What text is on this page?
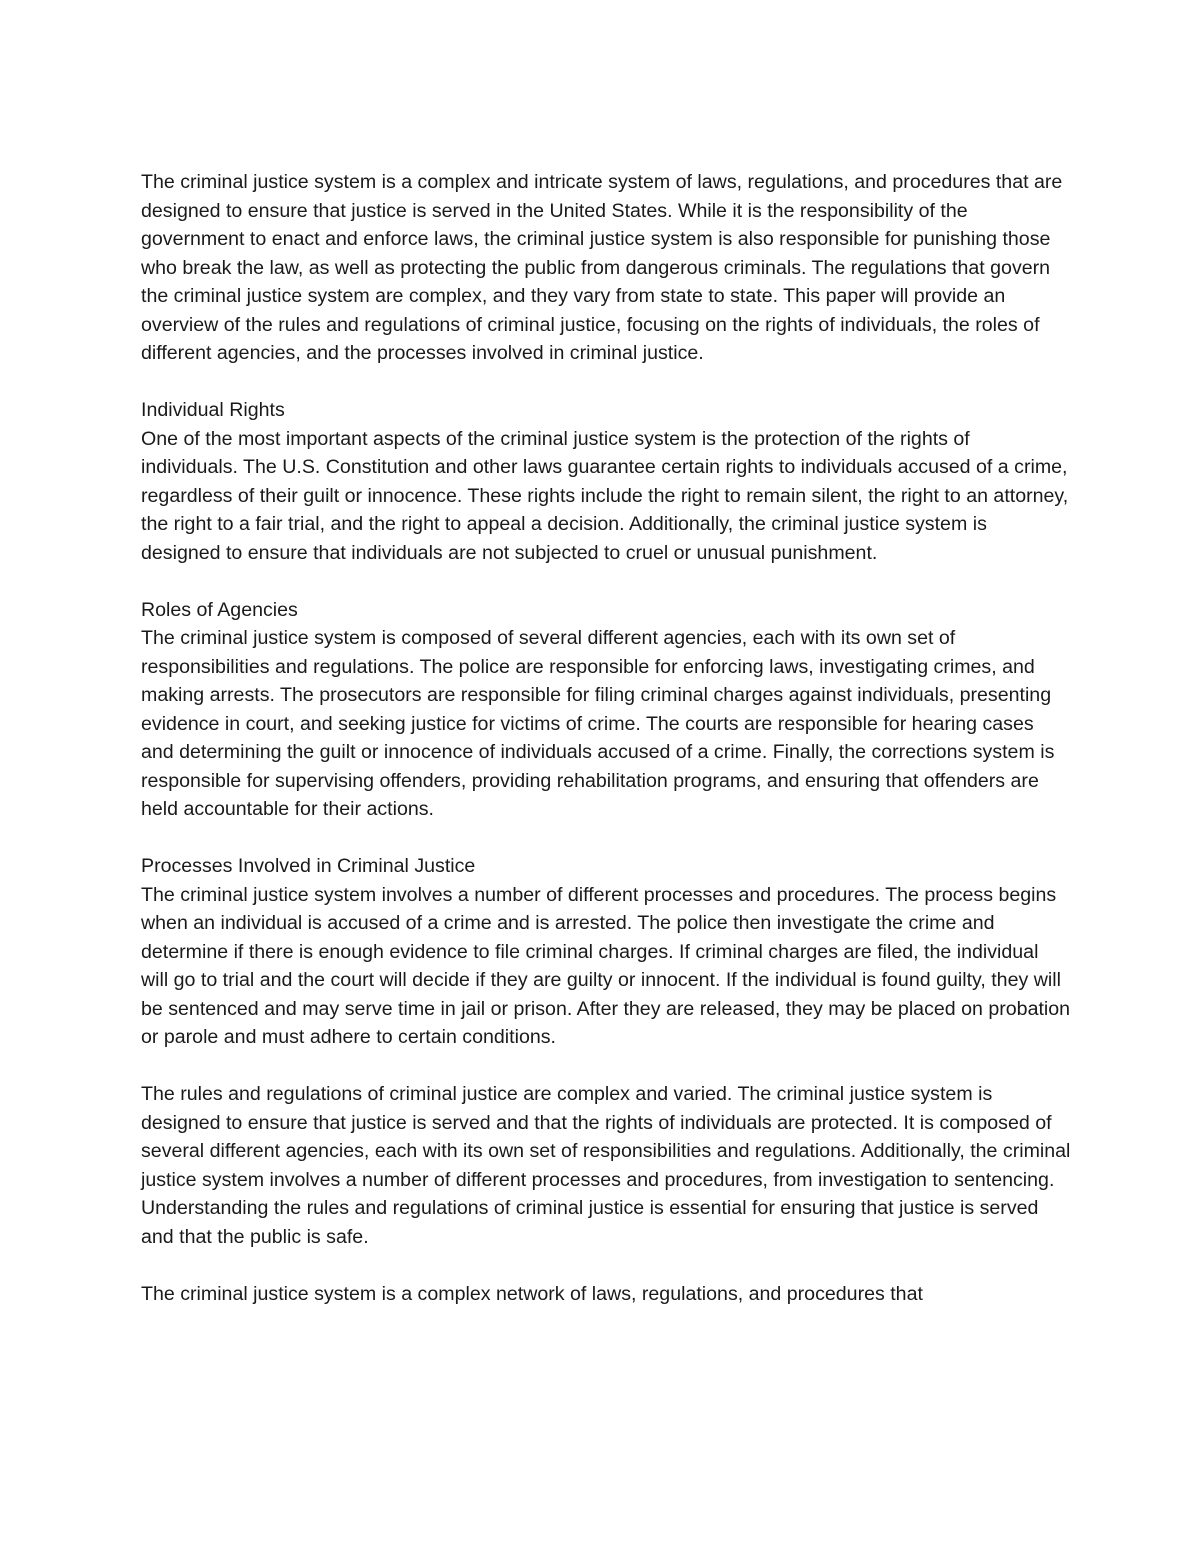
The criminal justice system is a complex and intricate system of laws, regulations, and procedures that are designed to ensure that justice is served in the United States. While it is the responsibility of the government to enact and enforce laws, the criminal justice system is also responsible for punishing those who break the law, as well as protecting the public from dangerous criminals. The regulations that govern the criminal justice system are complex, and they vary from state to state. This paper will provide an overview of the rules and regulations of criminal justice, focusing on the rights of individuals, the roles of different agencies, and the processes involved in criminal justice.

Individual Rights

One of the most important aspects of the criminal justice system is the protection of the rights of individuals. The U.S. Constitution and other laws guarantee certain rights to individuals accused of a crime, regardless of their guilt or innocence. These rights include the right to remain silent, the right to an attorney, the right to a fair trial, and the right to appeal a decision. Additionally, the criminal justice system is designed to ensure that individuals are not subjected to cruel or unusual punishment.

Roles of Agencies

The criminal justice system is composed of several different agencies, each with its own set of responsibilities and regulations. The police are responsible for enforcing laws, investigating crimes, and making arrests. The prosecutors are responsible for filing criminal charges against individuals, presenting evidence in court, and seeking justice for victims of crime. The courts are responsible for hearing cases and determining the guilt or innocence of individuals accused of a crime. Finally, the corrections system is responsible for supervising offenders, providing rehabilitation programs, and ensuring that offenders are held accountable for their actions.

Processes Involved in Criminal Justice

The criminal justice system involves a number of different processes and procedures. The process begins when an individual is accused of a crime and is arrested. The police then investigate the crime and determine if there is enough evidence to file criminal charges. If criminal charges are filed, the individual will go to trial and the court will decide if they are guilty or innocent. If the individual is found guilty, they will be sentenced and may serve time in jail or prison. After they are released, they may be placed on probation or parole and must adhere to certain conditions.

The rules and regulations of criminal justice are complex and varied. The criminal justice system is designed to ensure that justice is served and that the rights of individuals are protected. It is composed of several different agencies, each with its own set of responsibilities and regulations. Additionally, the criminal justice system involves a number of different processes and procedures, from investigation to sentencing. Understanding the rules and regulations of criminal justice is essential for ensuring that justice is served and that the public is safe.

The criminal justice system is a complex network of laws, regulations, and procedures that
